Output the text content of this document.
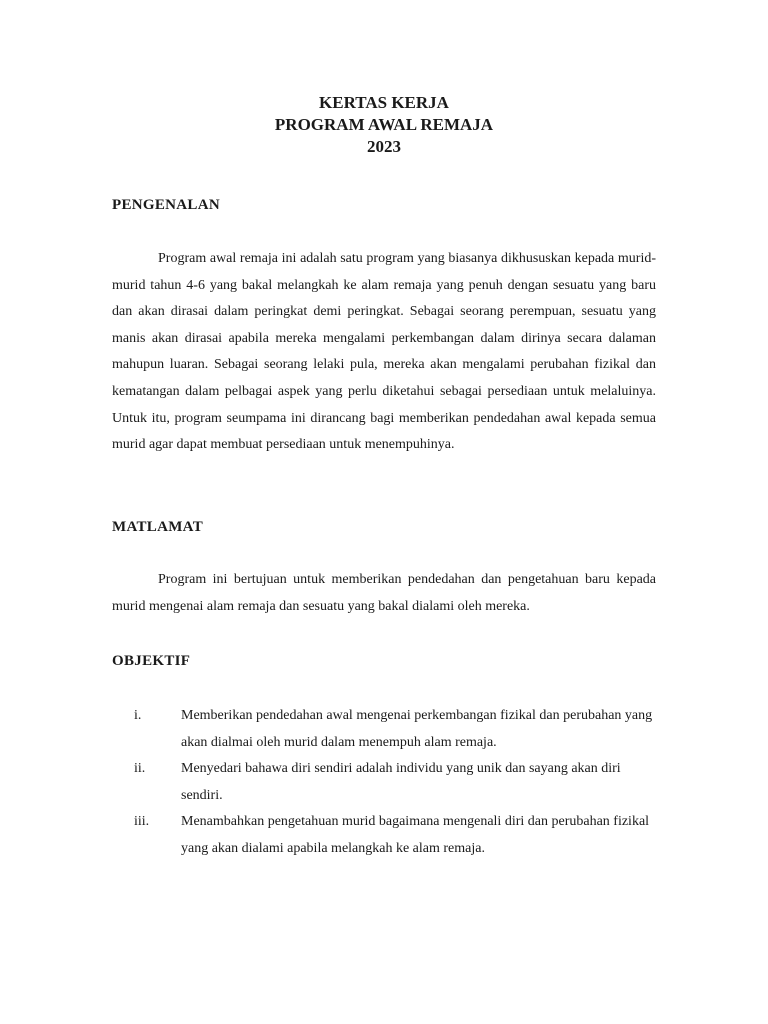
KERTAS KERJA
PROGRAM AWAL REMAJA
2023
PENGENALAN

Program awal remaja ini adalah satu program yang biasanya dikhususkan kepada murid-murid tahun 4-6 yang bakal melangkah ke alam remaja yang penuh dengan sesuatu yang baru dan akan dirasai dalam peringkat demi peringkat. Sebagai seorang perempuan, sesuatu yang manis akan dirasai apabila mereka mengalami perkembangan dalam dirinya secara dalaman mahupun luaran. Sebagai seorang lelaki pula, mereka akan mengalami perubahan fizikal dan kematangan dalam pelbagai aspek yang perlu diketahui sebagai persediaan untuk melaluinya. Untuk itu, program seumpama ini dirancang bagi memberikan pendedahan awal kepada semua murid agar dapat membuat persediaan untuk menempuhinya.

MATLAMAT

Program ini bertujuan untuk memberikan pendedahan dan pengetahuan baru kepada murid mengenai alam remaja dan sesuatu yang bakal dialami oleh mereka.

OBJEKTIF
i.	Memberikan pendedahan awal mengenai perkembangan fizikal dan perubahan yang akan dialmai oleh murid dalam menempuh alam remaja.
ii.	Menyedari bahawa diri sendiri adalah individu yang unik dan sayang akan diri sendiri.
iii.	Menambahkan pengetahuan murid bagaimana mengenali diri dan perubahan fizikal yang akan dialami apabila melangkah ke alam remaja.
